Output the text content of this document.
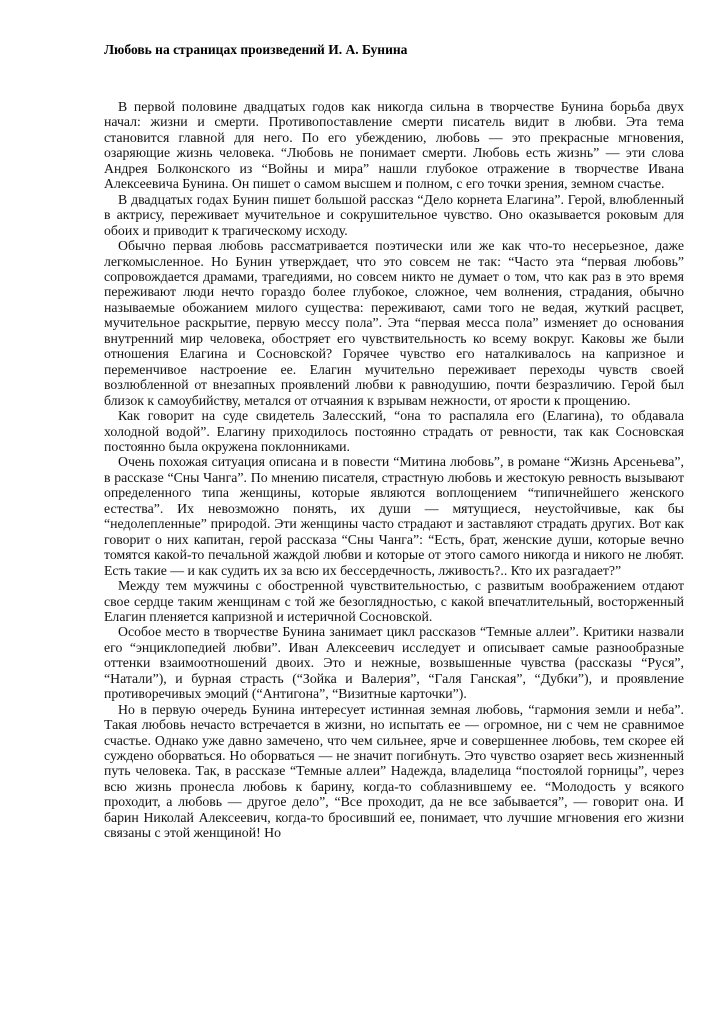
Любовь на страницах произведений И. А. Бунина

В первой половине двадцатых годов как никогда сильна в творчестве Бунина борьба двух начал: жизни и смерти. Противопоставление смерти писатель видит в любви. Эта тема становится главной для него. По его убеждению, любовь — это прекрасные мгновения, озаряющие жизнь человека. “Любовь не понимает смерти. Любовь есть жизнь” — эти слова Андрея Болконского из “Войны и мира” нашли глубокое отражение в творчестве Ивана Алексеевича Бунина. Он пишет о самом высшем и полном, с его точки зрения, земном счастье.

В двадцатых годах Бунин пишет большой рассказ “Дело корнета Елагина”. Герой, влюбленный в актрису, переживает мучительное и сокрушительное чувство. Оно оказывается роковым для обоих и приводит к трагическому исходу.

Обычно первая любовь рассматривается поэтически или же как что-то несерьезное, даже легкомысленное. Но Бунин утверждает, что это совсем не так: “Часто эта “первая любовь” сопровождается драмами, трагедиями, но совсем никто не думает о том, что как раз в это время переживают люди нечто гораздо более глубокое, сложное, чем волнения, страдания, обычно называемые обожанием милого существа: переживают, сами того не ведая, жуткий расцвет, мучительное раскрытие, первую мессу пола”. Эта “первая месса пола” изменяет до основания внутренний мир человека, обостряет его чувствительность ко всему вокруг. Каковы же были отношения Елагина и Сосновской? Горячее чувство его наталкивалось на капризное и переменчивое настроение ее. Елагин мучительно переживает переходы чувств своей возлюбленной от внезапных проявлений любви к равнодушию, почти безразличию. Герой был близок к самоубийству, метался от отчаяния к взрывам нежности, от ярости к прощению.

Как говорит на суде свидетель Залесский, “она то распаляла его (Елагина), то обдавала холодной водой”. Елагину приходилось постоянно страдать от ревности, так как Сосновская постоянно была окружена поклонниками.

Очень похожая ситуация описана и в повести “Митина любовь”, в романе “Жизнь Арсеньева”, в рассказе “Сны Чанга”. По мнению писателя, страстную любовь и жестокую ревность вызывают определенного типа женщины, которые являются воплощением “типичнейшего женского естества”. Их невозможно понять, их души — мятущиеся, неустойчивые, как бы “недолепленные” природой. Эти женщины часто страдают и заставляют страдать других. Вот как говорит о них капитан, герой рассказа “Сны Чанга”: “Есть, брат, женские души, которые вечно томятся какой-то печальной жаждой любви и которые от этого самого никогда и никого не любят. Есть такие — и как судить их за всю их бессердечность, лживость?.. Кто их разгадает?”

Между тем мужчины с обостренной чувствительностью, с развитым воображением отдают свое сердце таким женщинам с той же безоглядностью, с какой впечатлительный, восторженный Елагин пленяется капризной и истеричной Сосновской.

Особое место в творчестве Бунина занимает цикл рассказов “Темные аллеи”. Критики назвали его “энциклопедией любви”. Иван Алексеевич исследует и описывает самые разнообразные оттенки взаимоотношений двоих. Это и нежные, возвышенные чувства (рассказы “Руся”, “Натали”), и бурная страсть (“Зойка и Валерия”, “Галя Ганская”, “Дубки”), и проявление противоречивых эмоций (“Антигона”, “Визитные карточки”).

Но в первую очередь Бунина интересует истинная земная любовь, “гармония земли и неба”. Такая любовь нечасто встречается в жизни, но испытать ее — огромное, ни с чем не сравнимое счастье. Однако уже давно замечено, что чем сильнее, ярче и совершеннее любовь, тем скорее ей суждено оборваться. Но оборваться — не значит погибнуть. Это чувство озаряет весь жизненный путь человека. Так, в рассказе “Темные аллеи” Надежда, владелица “постоялой горницы”, через всю жизнь пронесла любовь к барину, когда-то соблазнившему ее. “Молодость у всякого проходит, а любовь — другое дело”, “Все проходит, да не все забывается”, — говорит она. И барин Николай Алексеевич, когда-то бросивший ее, понимает, что лучшие мгновения его жизни связаны с этой женщиной! Но
